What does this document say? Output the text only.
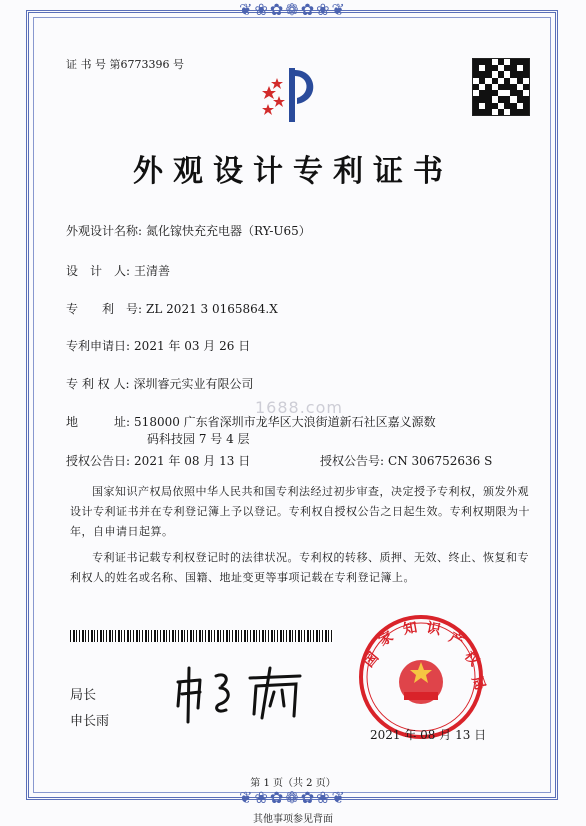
❦❀✿❁✿❀❦
❦❀✿❁✿❀❦
证 书 号 第6773396 号
外观设计专利证书
外观设计名称: 氮化镓快充充电器（RY-U65）
设　计　人: 王清善
专　　利　号: ZL 2021 3 0165864.X
专利申请日: 2021 年 03 月 26 日
专 利 权 人: 深圳睿元实业有限公司
地　　　址: 518000 广东省深圳市龙华区大浪街道新石社区嘉义源数
码科技园 7 号 4 层
1688.com
授权公告日: 2021 年 08 月 13 日	授权公告号: CN 306752636 S
国家知识产权局依照中华人民共和国专利法经过初步审查，决定授予专利权，颁发外观设计专利证书并在专利登记簿上予以登记。专利权自授权公告之日起生效。专利权期限为十年，自申请日起算。
专利证书记载专利权登记时的法律状况。专利权的转移、质押、无效、终止、恢复和专利权人的姓名或名称、国籍、地址变更等事项记载在专利登记簿上。
局长
申长雨
国
家 知 识
产
权
局
2021 年 08 月 13 日
第 1 页（共 2 页）
其他事项参见背面
